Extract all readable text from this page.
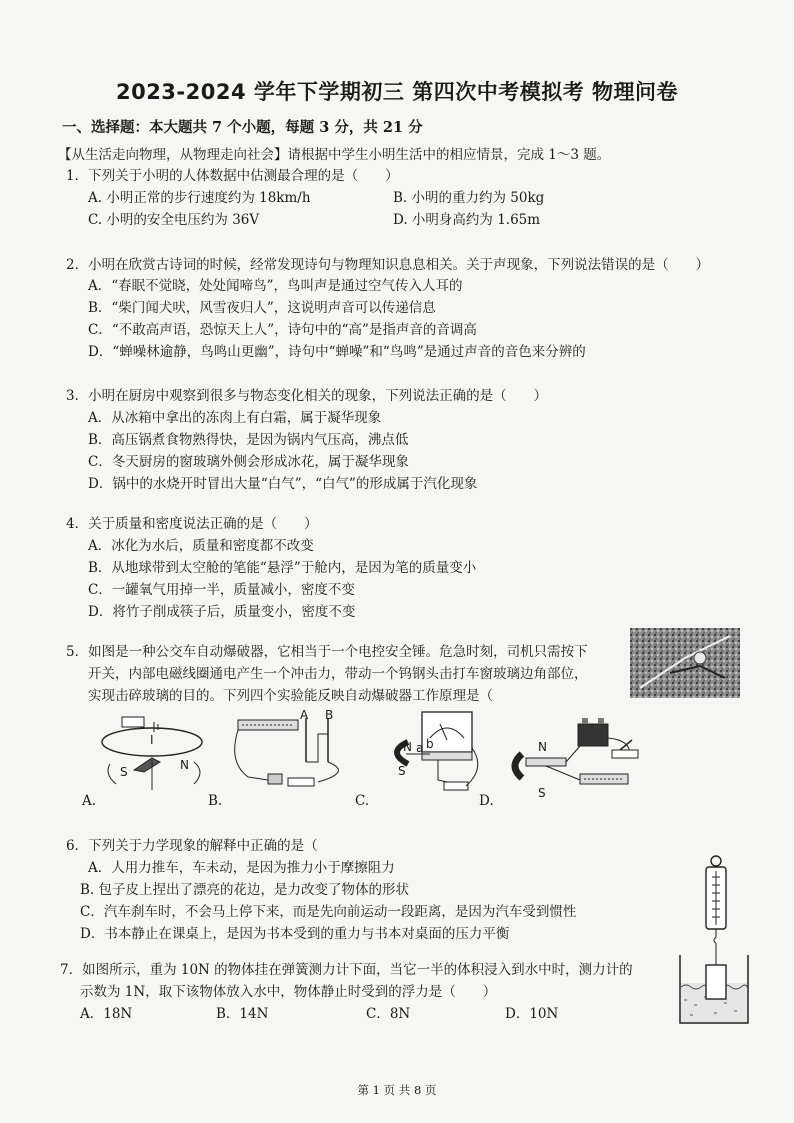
2023-2024 学年下学期初三 第四次中考模拟考 物理问卷
一、选择题：本大题共 7 个小题，每题 3 分，共 21 分
【从生活走向物理，从物理走向社会】请根据中学生小明生活中的相应情景，完成 1～3 题。
1．下列关于小明的人体数据中估测最合理的是（　　）
A. 小明正常的步行速度约为 18km/h	B. 小明的重力约为 50kg
C. 小明的安全电压约为 36V	D. 小明身高约为 1.65m
2．小明在欣赏古诗词的时候，经常发现诗句与物理知识息息相关。关于声现象，下列说法错误的是（　　）
A．“春眠不觉晓，处处闻啼鸟”，鸟叫声是通过空气传入人耳的
B．“柴门闻犬吠，风雪夜归人”，这说明声音可以传递信息
C．“不敢高声语，恐惊天上人”，诗句中的“高”是指声音的音调高
D．“蝉噪林逾静，鸟鸣山更幽”，诗句中“蝉噪”和“鸟鸣”是通过声音的音色来分辨的
3．小明在厨房中观察到很多与物态变化相关的现象，下列说法正确的是（　　）
A．从冰箱中拿出的冻肉上有白霜，属于凝华现象
B．高压锅煮食物熟得快，是因为锅内气压高，沸点低
C．冬天厨房的窗玻璃外侧会形成冰花，属于凝华现象
D．锅中的水烧开时冒出大量“白气”，“白气”的形成属于汽化现象
4．关于质量和密度说法正确的是（　　）
A．冰化为水后，质量和密度都不改变
B．从地球带到太空舱的笔能“悬浮”于舱内，是因为笔的质量变小
C．一罐氧气用掉一半，质量减小，密度不变
D．将竹子削成筷子后，质量变小，密度不变
5．如图是一种公交车自动爆破器，它相当于一个电控安全锤。危急时刻，司机只需按下
开关，内部电磁线圈通电产生一个冲击力，带动一个钨钢头击打车窗玻璃边角部位，
实现击碎玻璃的目的。下列四个实验能反映自动爆破器工作原理是（
I
S	N
A.
A B
B.
N
S
a b
C.
N
S
D.
6．下列关于力学现象的解释中正确的是（
A．人用力推车，车未动，是因为推力小于摩擦阻力
B. 包子皮上捏出了漂亮的花边，是力改变了物体的形状
C．汽车刹车时，不会马上停下来，而是先向前运动一段距离，是因为汽车受到惯性
D．书本静止在课桌上，是因为书本受到的重力与书本对桌面的压力平衡
7．如图所示，重为 10N 的物体挂在弹簧测力计下面，当它一半的体积浸入到水中时，测力计的
示数为 1N，取下该物体放入水中，物体静止时受到的浮力是（　　）
A．18N	B．14N	C．8N	D．10N
第 1 页 共 8 页
